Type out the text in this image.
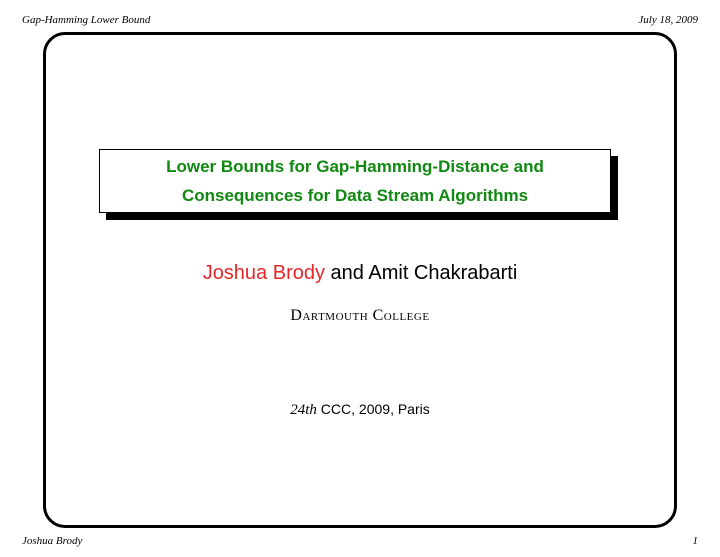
Gap-Hamming Lower Bound	July 18, 2009
Lower Bounds for Gap-Hamming-Distance and
Consequences for Data Stream Algorithms
Joshua Brody and Amit Chakrabarti
Dartmouth College
24th CCC, 2009, Paris
Joshua Brody	1
